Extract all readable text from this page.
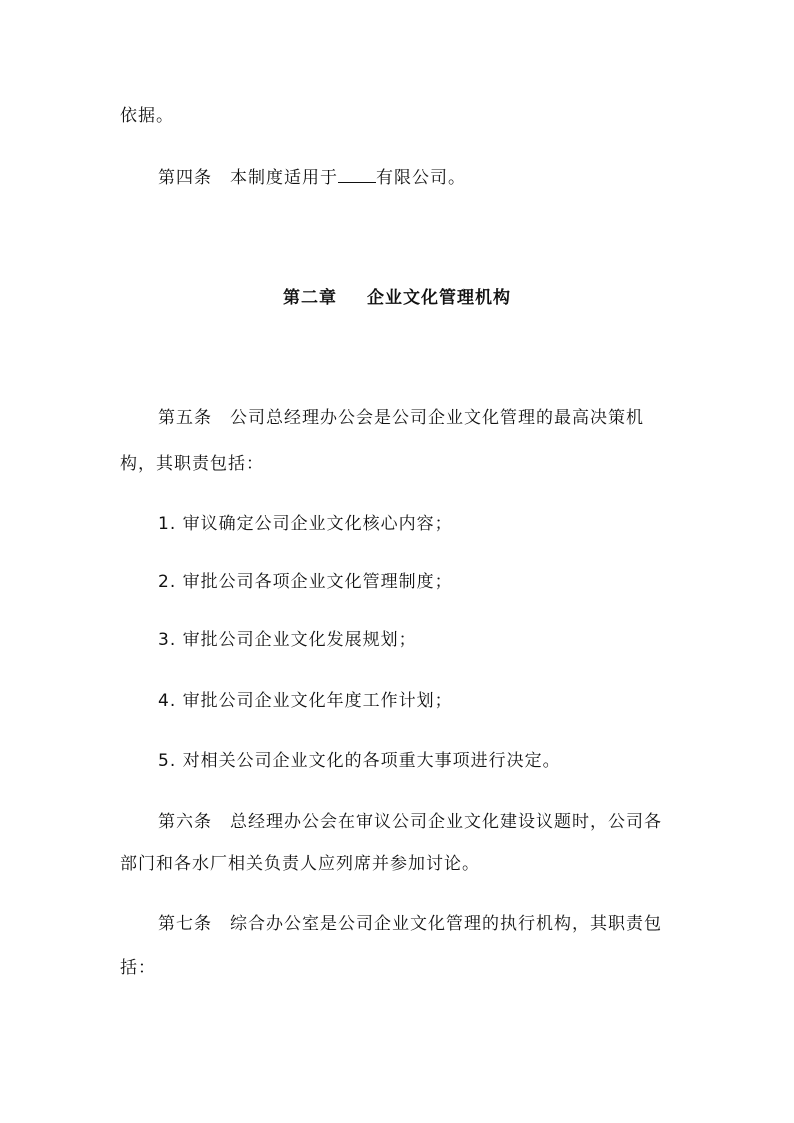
依据。
第四条 本制度适用于 有限公司。
第二章 企业文化管理机构
第五条 公司总经理办公会是公司企业文化管理的最高决策机
构，其职责包括：
1. 审议确定公司企业文化核心内容；
2. 审批公司各项企业文化管理制度；
3. 审批公司企业文化发展规划；
4. 审批公司企业文化年度工作计划；
5. 对相关公司企业文化的各项重大事项进行决定。
第六条 总经理办公会在审议公司企业文化建设议题时，公司各
部门和各水厂相关负责人应列席并参加讨论。
第七条 综合办公室是公司企业文化管理的执行机构，其职责包
括：
